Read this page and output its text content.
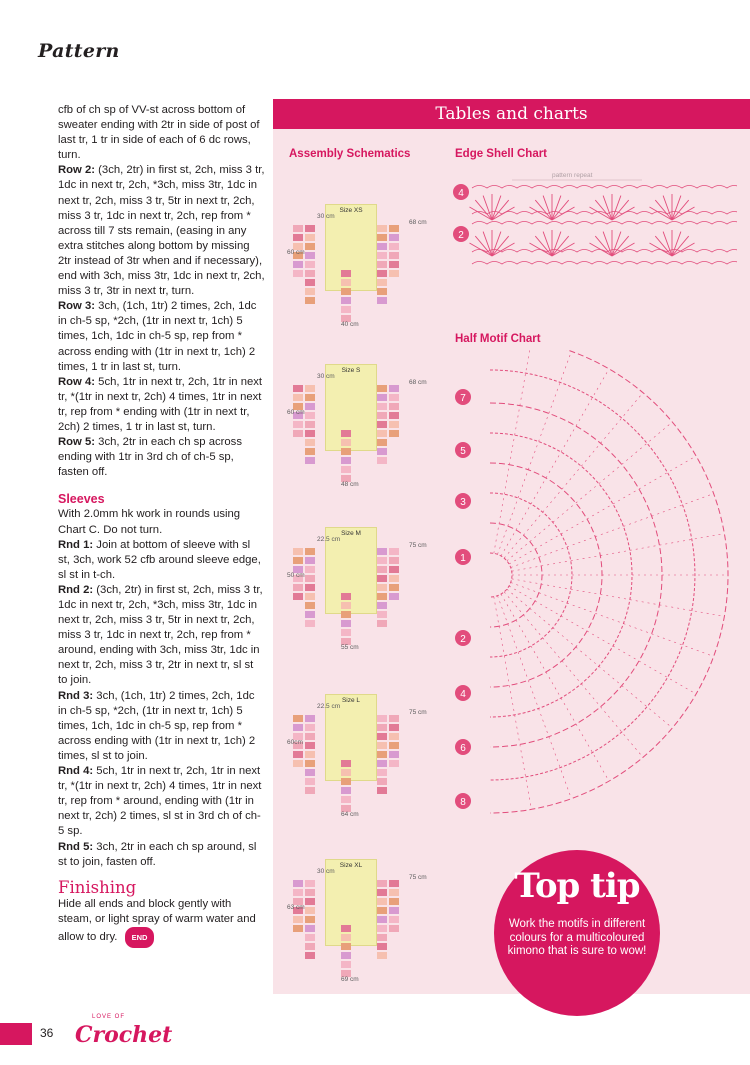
Pattern

cfb of ch sp of VV-st across bottom of sweater ending with 2tr in side of post of last tr, 1 tr in side of each of 6 dc rows, turn.

Row 2: (3ch, 2tr) in first st, 2ch, miss 3 tr, 1dc in next tr, 2ch, *3ch, miss 3tr, 1dc in next tr, 2ch, miss 3 tr, 5tr in next tr, 2ch, miss 3 tr, 1dc in next tr, 2ch, rep from * across till 7 sts remain, (easing in any extra stitches along bottom by missing 2tr instead of 3tr when and if necessary), end with 3ch, miss 3tr, 1dc in next tr, 2ch, miss 3 tr, 3tr in next tr, turn.

Row 3: 3ch, (1ch, 1tr) 2 times, 2ch, 1dc in ch-5 sp, *2ch, (1tr in next tr, 1ch) 5 times, 1ch, 1dc in ch-5 sp, rep from * across ending with (1tr in next tr, 1ch) 2 times, 1 tr in last st, turn.

Row 4: 5ch, 1tr in next tr, 2ch, 1tr in next tr, *(1tr in next tr, 2ch) 4 times, 1tr in next tr, rep from * ending with (1tr in next tr, 2ch) 2 times, 1 tr in last st, turn.

Row 5: 3ch, 2tr in each ch sp across ending with 1tr in 3rd ch of ch-5 sp, fasten off.

Sleeves

With 2.0mm hk work in rounds using Chart C. Do not turn.

Rnd 1: Join at bottom of sleeve with sl st, 3ch, work 52 cfb around sleeve edge, sl st in t-ch.

Rnd 2: (3ch, 2tr) in first st, 2ch, miss 3 tr, 1dc in next tr, 2ch, *3ch, miss 3tr, 1dc in next tr, 2ch, miss 3 tr, 5tr in next tr, 2ch, miss 3 tr, 1dc in next tr, 2ch, rep from * around, ending with 3ch, miss 3tr, 1dc in next tr, 2ch, miss 3 tr, 2tr in next tr, sl st to join.

Rnd 3: 3ch, (1ch, 1tr) 2 times, 2ch, 1dc in ch-5 sp, *2ch, (1tr in next tr, 1ch) 5 times, 1ch, 1dc in ch-5 sp, rep from * across ending with (1tr in next tr, 1ch) 2 times, sl st to join.

Rnd 4: 5ch, 1tr in next tr, 2ch, 1tr in next tr, *(1tr in next tr, 2ch) 4 times, 1tr in next tr, rep from * around, ending with (1tr in next tr, 2ch) 2 times, sl st in 3rd ch of ch-5 sp.

Rnd 5: 3ch, 2tr in each ch sp around, sl st to join, fasten off.

Finishing

Hide all ends and block gently with steam, or light spray of warm water and allow to dry. END

Tables and charts
Assembly Schematics	Edge Shell Chart
Half Motif Chart
Size XS
30 cm
68 cm
60 cm
40 cm
Size S
30 cm
68 cm
60 cm
48 cm
Size M
22.5 cm
75 cm
50 cm
55 cm
Size L
22.5 cm
75 cm
60cm
64 cm
Size XL
30 cm
75 cm
63 cm
69 cm
pattern repeat
4
2
7
5
3
1
2
4
6
8
Top tip
Work the motifs in different colours for a multicoloured kimono that is sure to wow!
36
LOVE OF
Crochet
